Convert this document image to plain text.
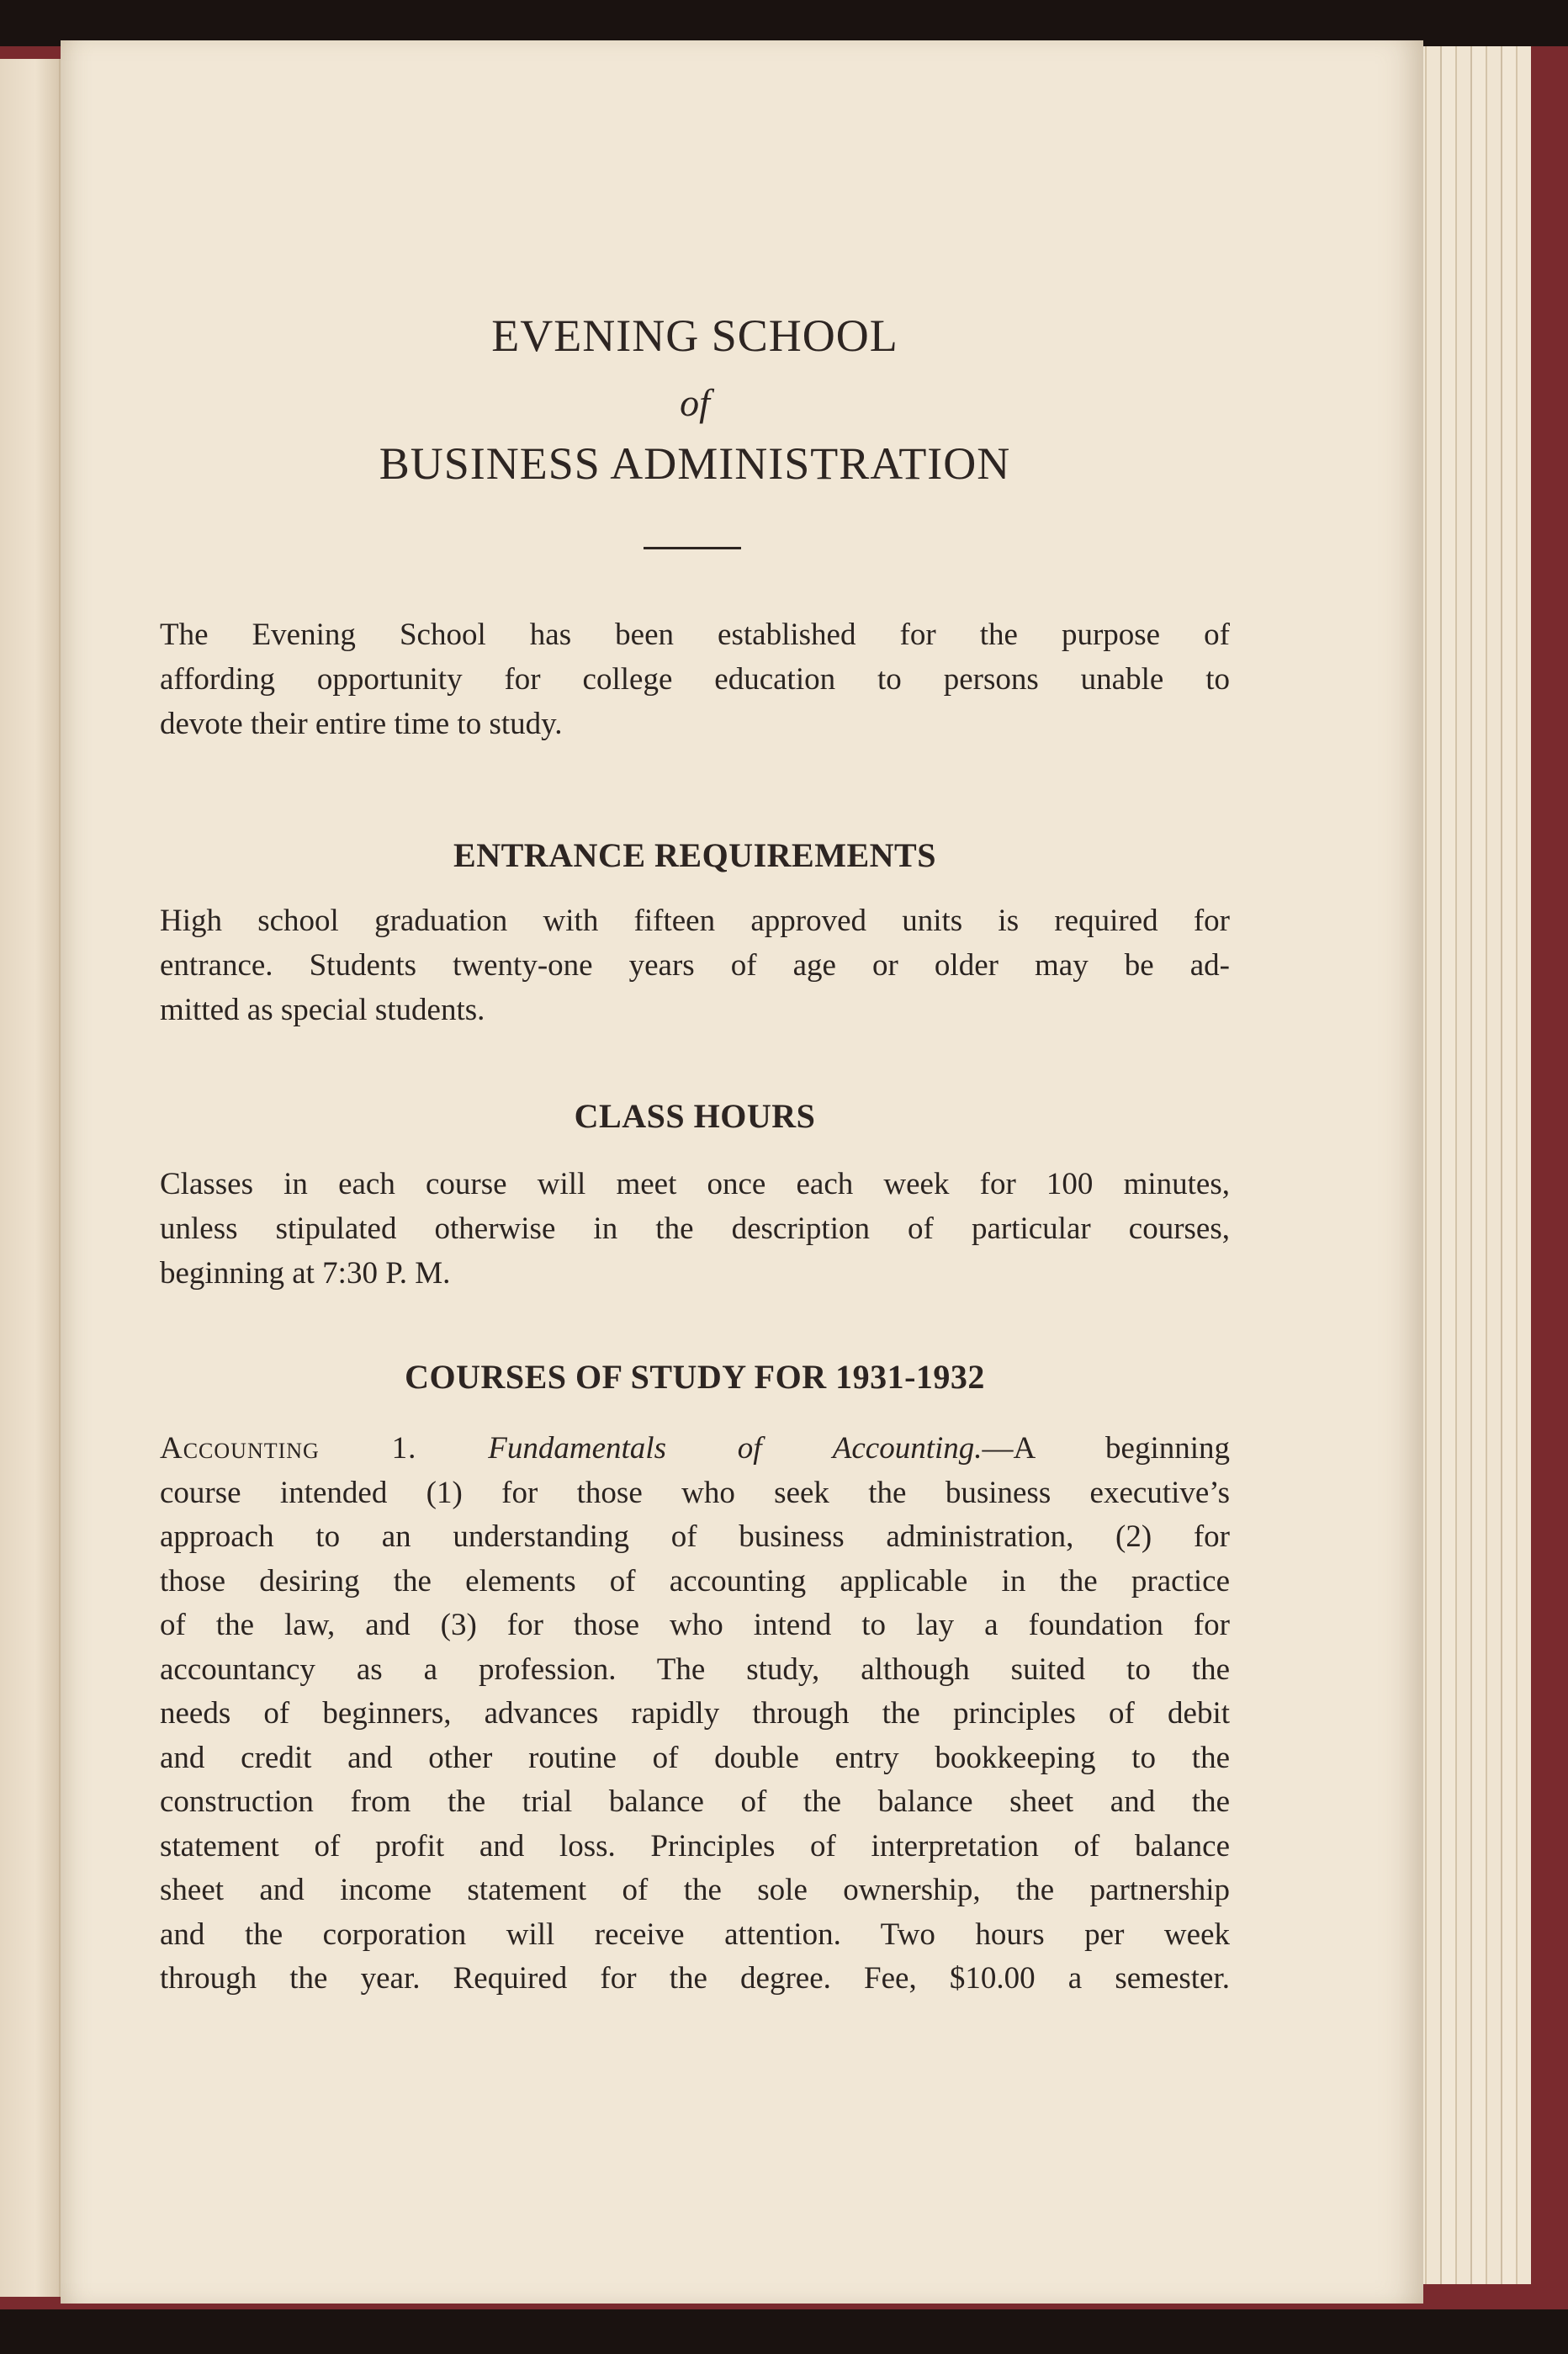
EVENING SCHOOL
of
BUSINESS ADMINISTRATION
The Evening School has been established for the purpose of
affording opportunity for college education to persons unable to
devote their entire time to study.
ENTRANCE REQUIREMENTS
High school graduation with fifteen approved units is required for
entrance. Students twenty-one years of age or older may be ad-
mitted as special students.
CLASS HOURS
Classes in each course will meet once each week for 100 minutes,
unless stipulated otherwise in the description of particular courses,
beginning at 7:30 P. M.
COURSES OF STUDY FOR 1931-1932
Accounting 1. Fundamentals of Accounting.—A beginning
course intended (1) for those who seek the business executive’s
approach to an understanding of business administration, (2) for
those desiring the elements of accounting applicable in the practice
of the law, and (3) for those who intend to lay a foundation for
accountancy as a profession. The study, although suited to the
needs of beginners, advances rapidly through the principles of debit
and credit and other routine of double entry bookkeeping to the
construction from the trial balance of the balance sheet and the
statement of profit and loss. Principles of interpretation of balance
sheet and income statement of the sole ownership, the partnership
and the corporation will receive attention. Two hours per week
through the year. Required for the degree. Fee, $10.00 a semester.
